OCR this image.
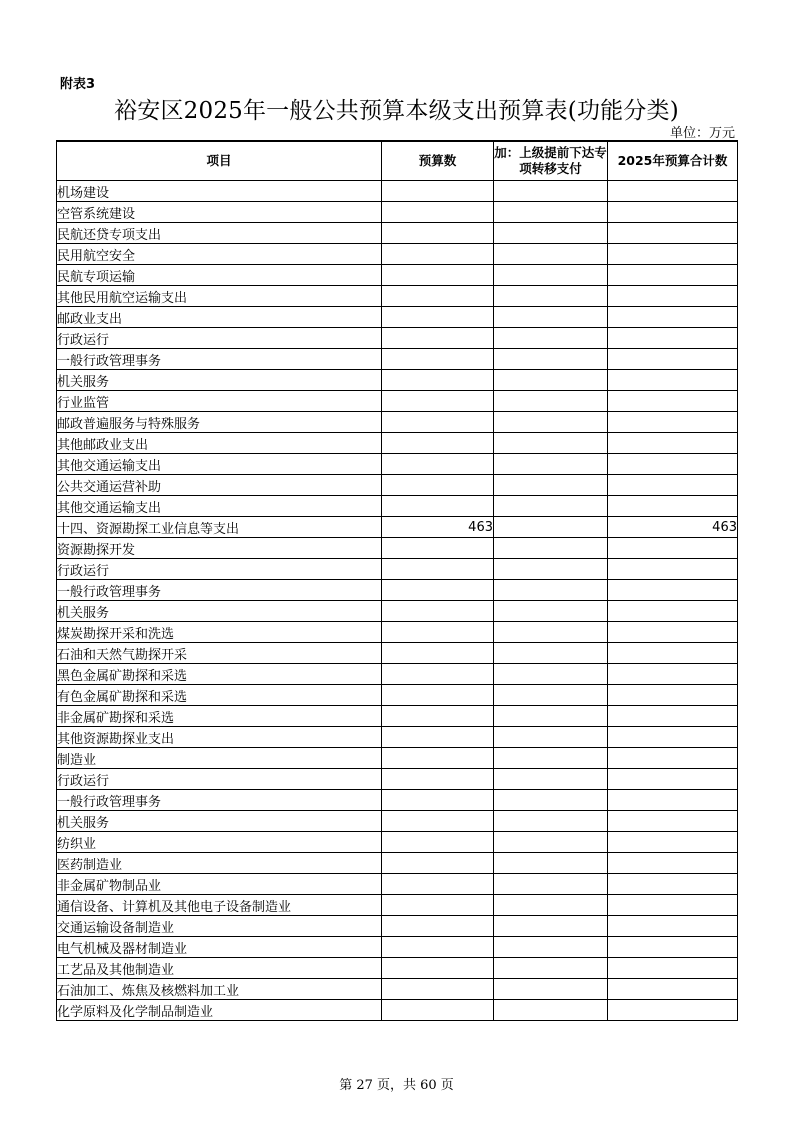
附表3
裕安区2025年一般公共预算本级支出预算表(功能分类)
单位：万元
项目	预算数	加：上级提前下达专项转移支付	2025年预算合计数
机场建设			
空管系统建设			
民航还贷专项支出			
民用航空安全			
民航专项运输			
其他民用航空运输支出			
邮政业支出			
行政运行			
一般行政管理事务			
机关服务			
行业监管			
邮政普遍服务与特殊服务			
其他邮政业支出			
其他交通运输支出			
公共交通运营补助			
其他交通运输支出			
十四、资源勘探工业信息等支出	463		463
资源勘探开发			
行政运行			
一般行政管理事务			
机关服务			
煤炭勘探开采和洗选			
石油和天然气勘探开采			
黑色金属矿勘探和采选			
有色金属矿勘探和采选			
非金属矿勘探和采选			
其他资源勘探业支出			
制造业			
行政运行			
一般行政管理事务			
机关服务			
纺织业			
医药制造业			
非金属矿物制品业			
通信设备、计算机及其他电子设备制造业			
交通运输设备制造业			
电气机械及器材制造业			
工艺品及其他制造业			
石油加工、炼焦及核燃料加工业			
化学原料及化学制品制造业			
第 27 页，共 60 页
